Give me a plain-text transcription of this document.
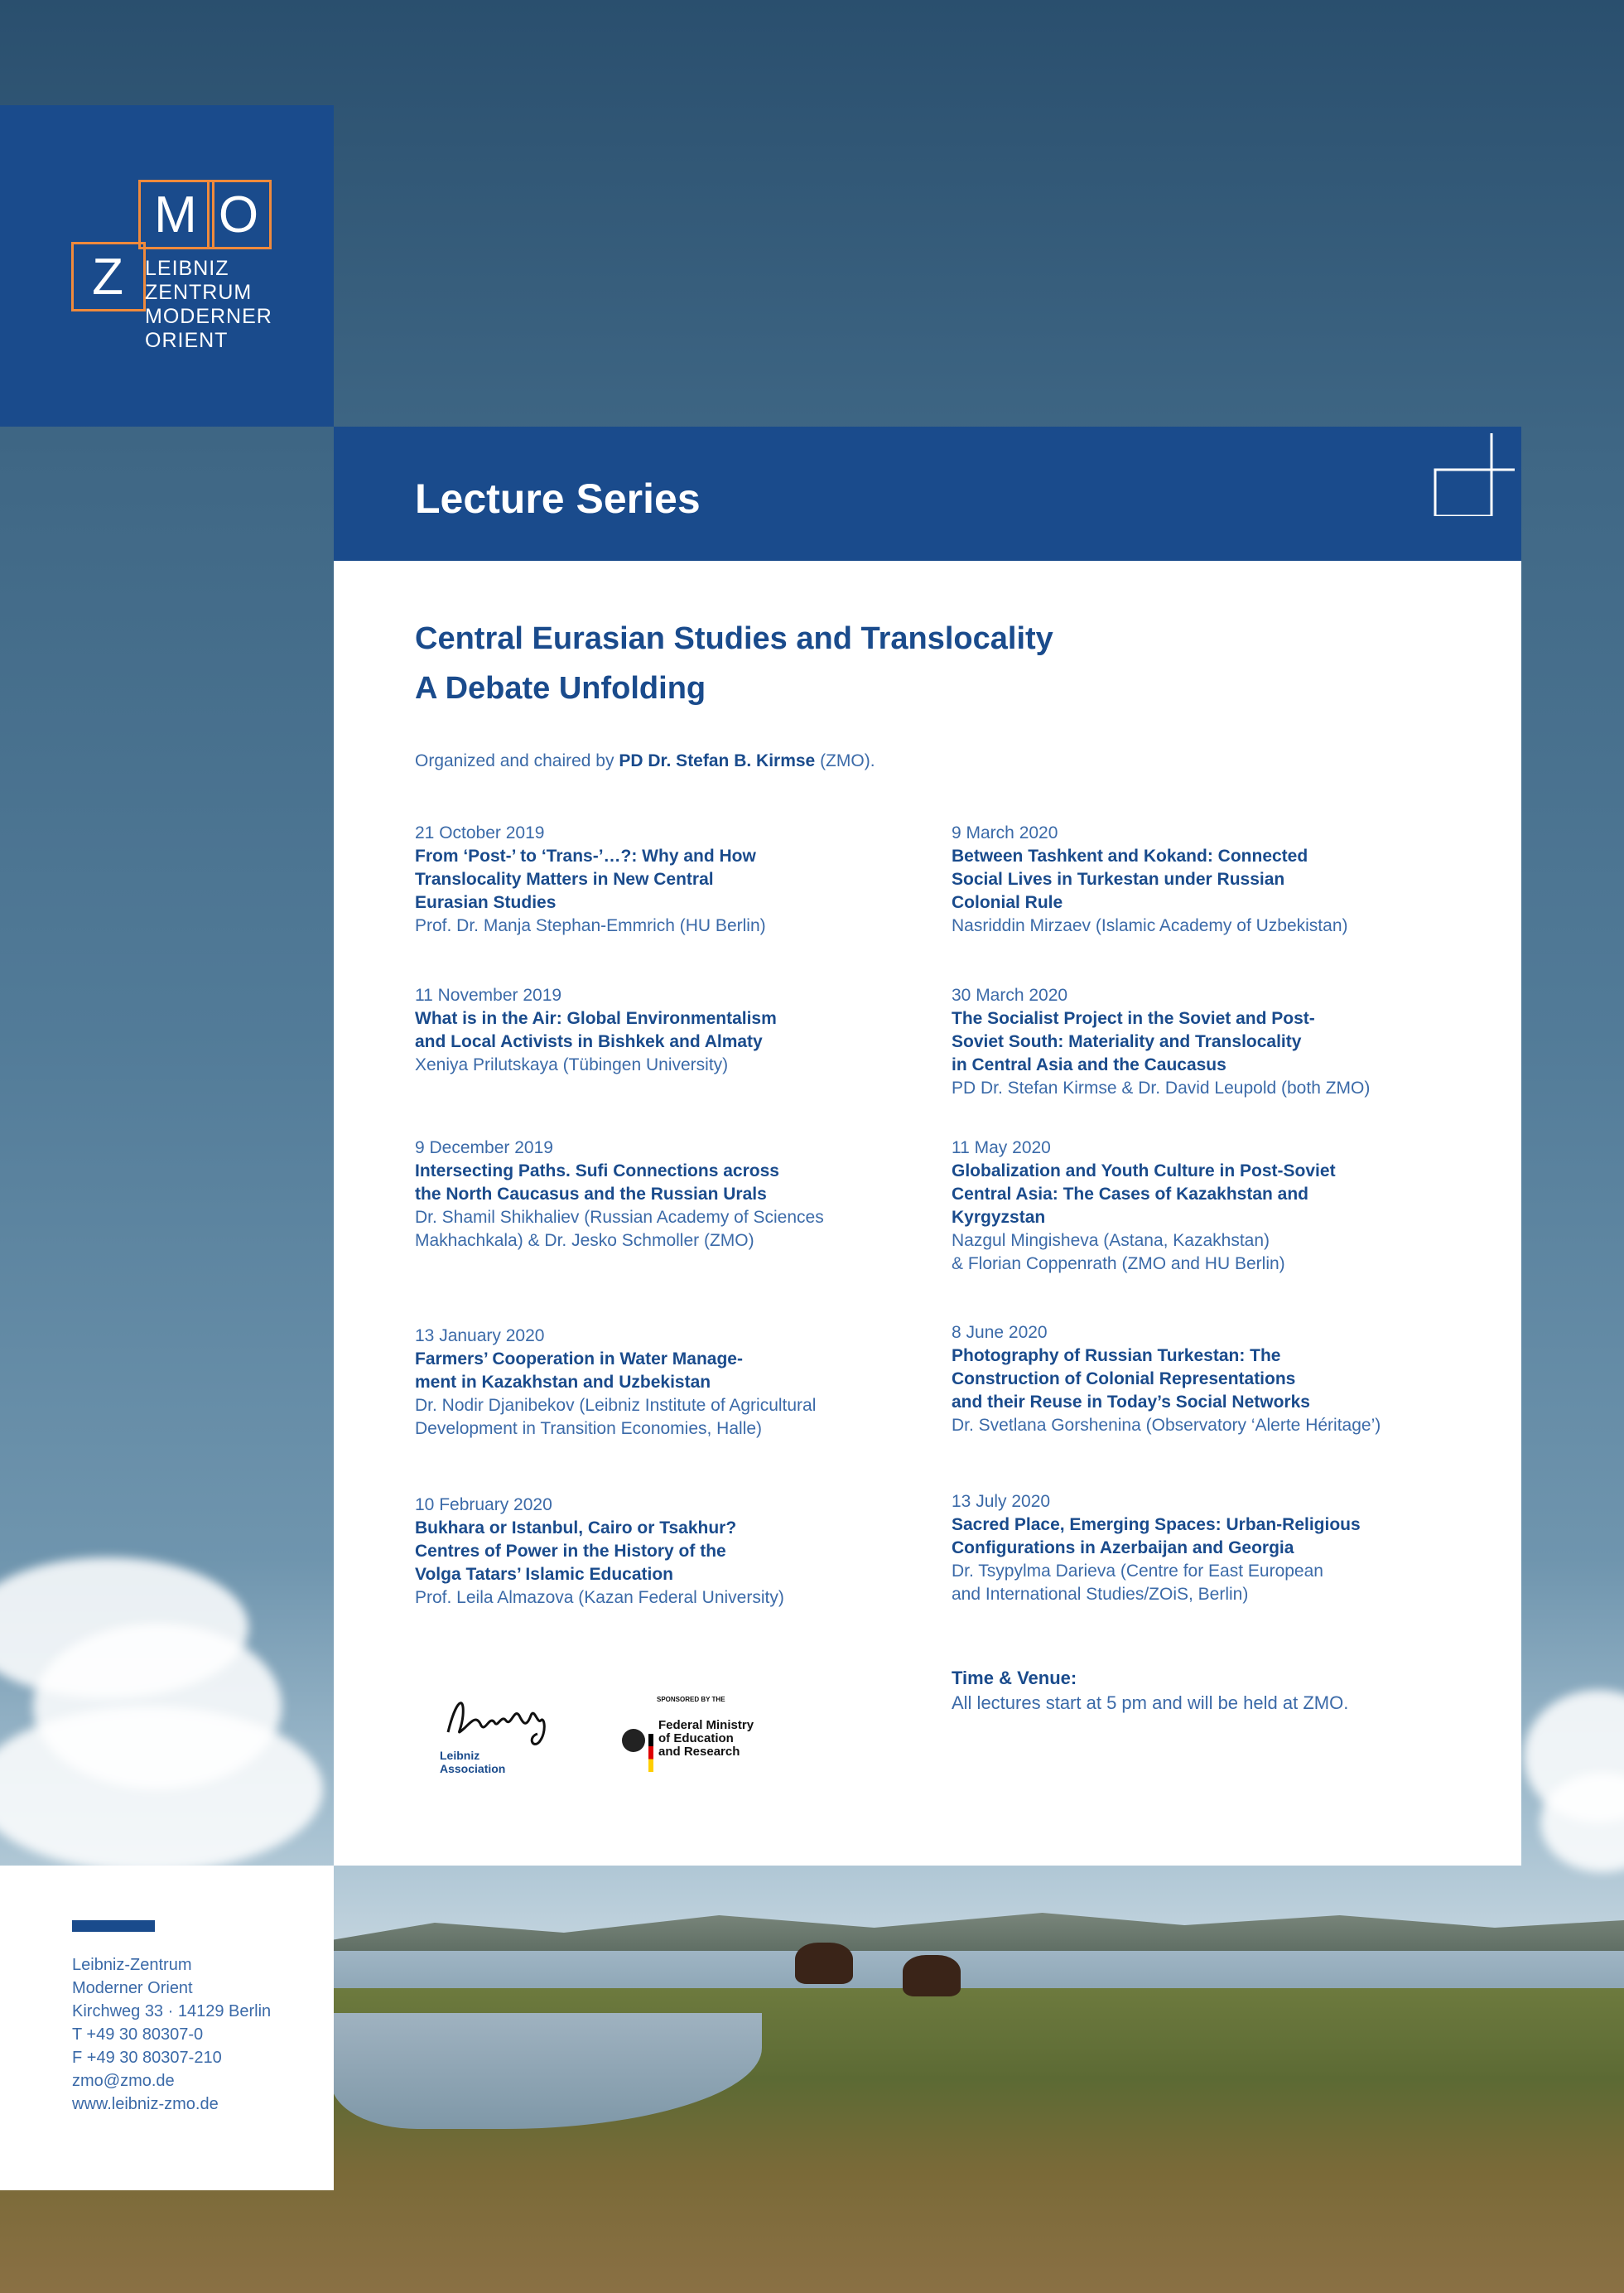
M O
Z LEIBNIZ
ZENTRUM
MODERNER
ORIENT
Lecture Series
Central Eurasian Studies and Translocality
A Debate Unfolding
Organized and chaired by PD Dr. Stefan B. Kirmse (ZMO).
21 October 2019
From ‘Post-’ to ‘Trans-’…?: Why and How
Translocality Matters in New Central
Eurasian Studies
Prof. Dr. Manja Stephan-Emmrich (HU Berlin)
11 November 2019
What is in the Air: Global Environmentalism
and Local Activists in Bishkek and Almaty
Xeniya Prilutskaya (Tübingen University)
9 December 2019
Intersecting Paths. Sufi Connections across
the North Caucasus and the Russian Urals
Dr. Shamil Shikhaliev (Russian Academy of Sciences
Makhachkala) & Dr. Jesko Schmoller (ZMO)
13 January 2020
Farmers’ Cooperation in Water Manage-
ment in Kazakhstan and Uzbekistan
Dr. Nodir Djanibekov (Leibniz Institute of Agricultural
Development in Transition Economies, Halle)
10 February 2020
Bukhara or Istanbul, Cairo or Tsakhur?
Centres of Power in the History of the
Volga Tatars’ Islamic Education
Prof. Leila Almazova (Kazan Federal University)
9 March 2020
Between Tashkent and Kokand: Connected
Social Lives in Turkestan under Russian
Colonial Rule
Nasriddin Mirzaev (Islamic Academy of Uzbekistan)
30 March 2020
The Socialist Project in the Soviet and Post-
Soviet South: Materiality and Translocality
in Central Asia and the Caucasus
PD Dr. Stefan Kirmse & Dr. David Leupold (both ZMO)
11 May 2020
Globalization and Youth Culture in Post-Soviet
Central Asia: The Cases of Kazakhstan and
Kyrgyzstan
Nazgul Mingisheva (Astana, Kazakhstan)
& Florian Coppenrath (ZMO and HU Berlin)
8 June 2020
Photography of Russian Turkestan: The
Construction of Colonial Representations
and their Reuse in Today’s Social Networks
Dr. Svetlana Gorshenina (Observatory ‘Alerte Héritage’)
13 July 2020
Sacred Place, Emerging Spaces: Urban-Religious
Configurations in Azerbaijan and Georgia
Dr. Tsypylma Darieva (Centre for East European
and International Studies/ZOiS, Berlin)
Leibniz
Association
SPONSORED BY THE
Federal Ministry
of Education
and Research
Time & Venue:
All lectures start at 5 pm and will be held at ZMO.
Leibniz-Zentrum
Moderner Orient
Kirchweg 33 · 14129 Berlin
T +49 30 80307-0
F +49 30 80307-210
zmo@zmo.de
www.leibniz-zmo.de
